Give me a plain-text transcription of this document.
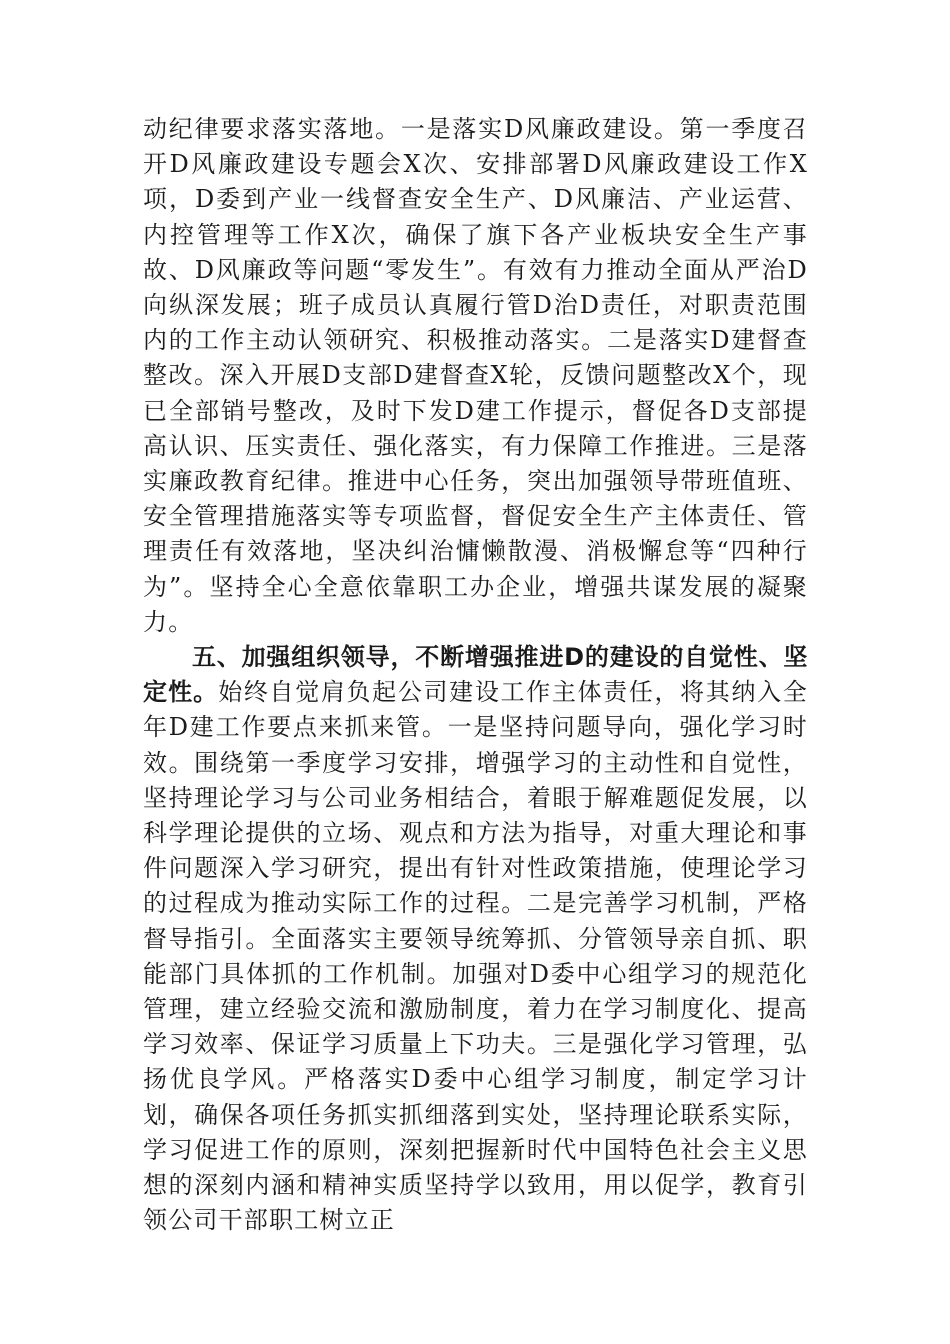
动纪律要求落实落地。一是落实D风廉政建设。第一季度召开D风廉政建设专题会X次、安排部署D风廉政建设工作X项，D委到产业一线督查安全生产、D风廉洁、产业运营、内控管理等工作X次，确保了旗下各产业板块安全生产事故、D风廉政等问题“零发生”。有效有力推动全面从严治D向纵深发展；班子成员认真履行管D治D责任，对职责范围内的工作主动认领研究、积极推动落实。二是落实D建督查整改。深入开展D支部D建督查X轮，反馈问题整改X个，现已全部销号整改，及时下发D建工作提示，督促各D支部提高认识、压实责任、强化落实，有力保障工作推进。三是落实廉政教育纪律。推进中心任务，突出加强领导带班值班、安全管理措施落实等专项监督，督促安全生产主体责任、管理责任有效落地，坚决纠治慵懒散漫、消极懈怠等“四种行为”。坚持全心全意依靠职工办企业，增强共谋发展的凝聚力。

五、加强组织领导，不断增强推进D的建设的自觉性、坚定性。始终自觉肩负起公司建设工作主体责任，将其纳入全年D建工作要点来抓来管。一是坚持问题导向，强化学习时效。围绕第一季度学习安排，增强学习的主动性和自觉性，坚持理论学习与公司业务相结合，着眼于解难题促发展，以科学理论提供的立场、观点和方法为指导，对重大理论和事件问题深入学习研究，提出有针对性政策措施，使理论学习的过程成为推动实际工作的过程。二是完善学习机制，严格督导指引。全面落实主要领导统筹抓、分管领导亲自抓、职能部门具体抓的工作机制。加强对D委中心组学习的规范化管理，建立经验交流和激励制度，着力在学习制度化、提高学习效率、保证学习质量上下功夫。三是强化学习管理，弘扬优良学风。严格落实D委中心组学习制度，制定学习计划，确保各项任务抓实抓细落到实处，坚持理论联系实际，学习促进工作的原则，深刻把握新时代中国特色社会主义思想的深刻内涵和精神实质坚持学以致用，用以促学，教育引领公司干部职工树立正
